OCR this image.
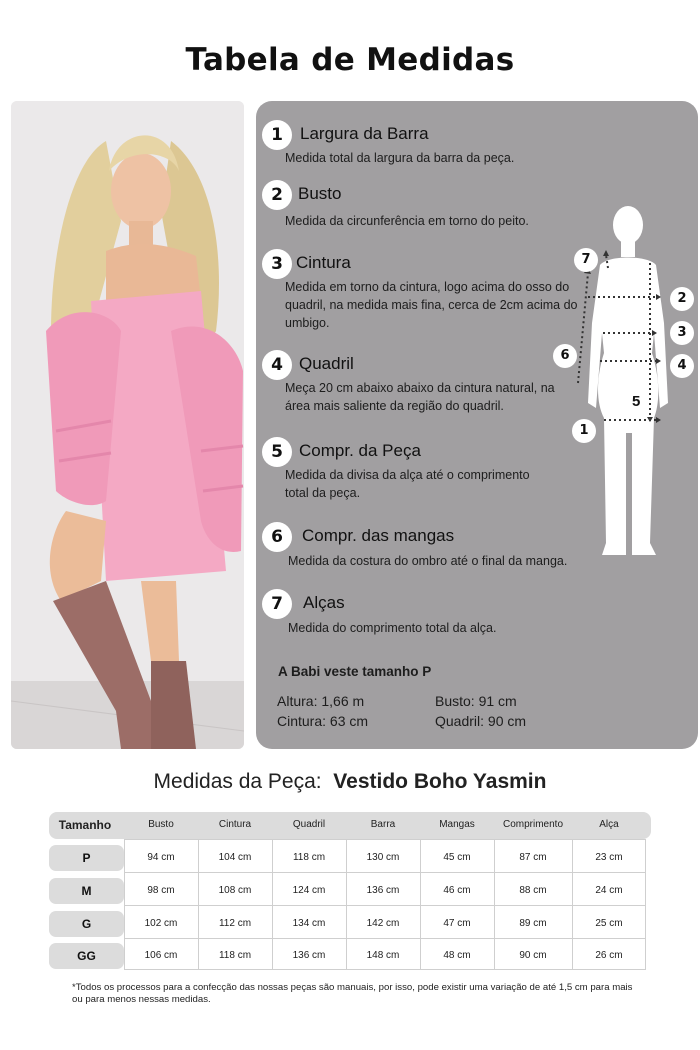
Tabela de Medidas
1	Largura da Barra
Medida total da largura da barra da peça.
2 Busto
Medida da circunferência em torno do peito.
3 Cintura
Medida em torno da cintura, logo acima do osso do quadril, na medida mais fina, cerca de 2cm acima do umbigo.
4 Quadril
Meça 20 cm abaixo abaixo da cintura natural, na área mais saliente da região do quadril.
5 Compr. da Peça
Medida da divisa da alça até o comprimento total da peça.
6	Compr. das mangas
Medida da costura do ombro até o final da manga.
7	Alças
Medida do comprimento total da alça.
7
2
3
6
4
5
1
A Babi veste tamanho P
Altura: 1,66 m
Cintura: 63 cm
Busto: 91 cm
Quadril: 90 cm
Medidas da Peça: Vestido Boho Yasmin
Tamanho	Busto	Cintura	Quadril	Barra	Mangas	Comprimento	Alça
P	94 cm	104 cm	118 cm	130 cm	45 cm	87 cm	23 cm
M	98 cm	108 cm	124 cm	136 cm	46 cm	88 cm	24 cm
G	102 cm	112 cm	134 cm	142 cm	47 cm	89 cm	25 cm
GG	106 cm	118 cm	136 cm	148 cm	48 cm	90 cm	26 cm
*Todos os processos para a confecção das nossas peças são manuais, por isso, pode existir uma variação de até 1,5 cm para mais ou para menos nessas medidas.
